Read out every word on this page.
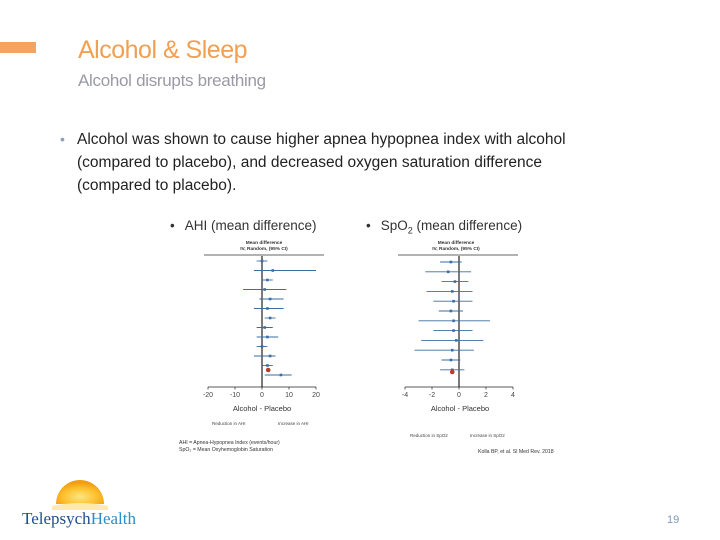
Alcohol & Sleep
Alcohol disrupts breathing
• Alcohol was shown to cause higher apnea hypopnea index with alcohol (compared to placebo), and decreased oxygen saturation difference (compared to placebo).
• AHI (mean difference)	• SpO$_2$ (mean difference)
Mean difference
IV, Random, (95% CI)
-20 -10	0	10	20
Alcohol - Placebo
Mean difference
IV, Random, (95% CI)
-4	-2	0	2	4
Alcohol - Placebo
Reduction in AHI	Increase in AHI
Reduction in SpO2	Increase in SpO2
AHI = Apnea-Hypopnea Index (events/hour)
SpO₂ = Mean Oxyhemoglobin Saturation	Kolla BP, et al. Sl Med Rev. 2018
TelepsychHealth	19
